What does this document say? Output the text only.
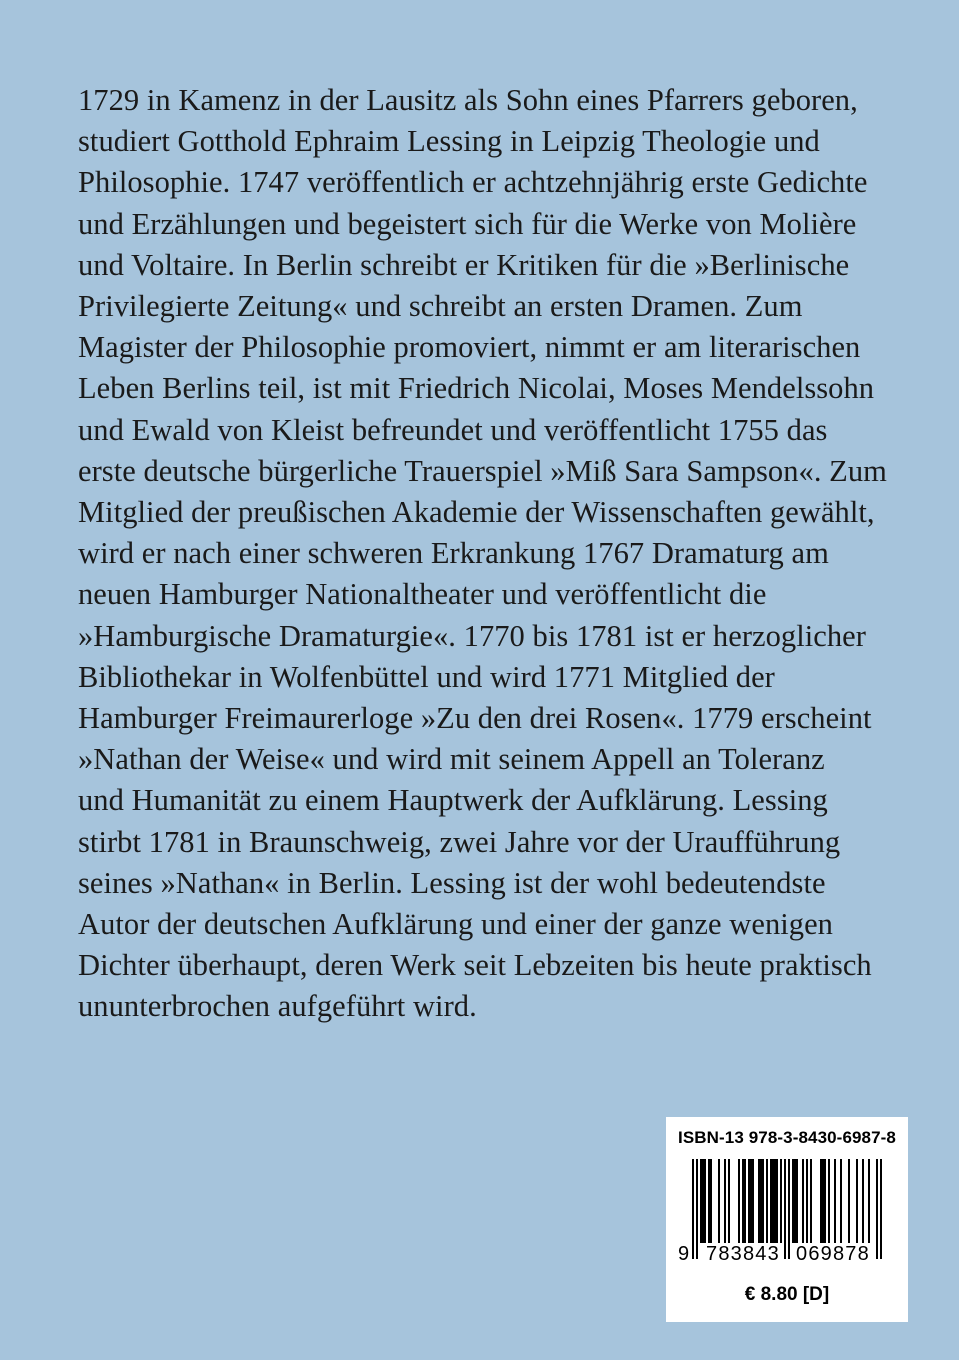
1729 in Kamenz in der Lausitz als Sohn eines Pfarrers geboren,
studiert Gotthold Ephraim Lessing in Leipzig Theologie und
Philosophie. 1747 veröffentlich er achtzehnjährig erste Gedichte
und Erzählungen und begeistert sich für die Werke von Molière
und Voltaire. In Berlin schreibt er Kritiken für die »Berlinische
Privilegierte Zeitung« und schreibt an ersten Dramen. Zum
Magister der Philosophie promoviert, nimmt er am literarischen
Leben Berlins teil, ist mit Friedrich Nicolai, Moses Mendelssohn
und Ewald von Kleist befreundet und veröffentlicht 1755 das
erste deutsche bürgerliche Trauerspiel »Miß Sara Sampson«. Zum
Mitglied der preußischen Akademie der Wissenschaften gewählt,
wird er nach einer schweren Erkrankung 1767 Dramaturg am
neuen Hamburger Nationaltheater und veröffentlicht die
»Hamburgische Dramaturgie«. 1770 bis 1781 ist er herzoglicher
Bibliothekar in Wolfenbüttel und wird 1771 Mitglied der
Hamburger Freimaurerloge »Zu den drei Rosen«. 1779 erscheint
»Nathan der Weise« und wird mit seinem Appell an Toleranz
und Humanität zu einem Hauptwerk der Aufklärung. Lessing
stirbt 1781 in Braunschweig, zwei Jahre vor der Uraufführung
seines »Nathan« in Berlin. Lessing ist der wohl bedeutendste
Autor der deutschen Aufklärung und einer der ganze wenigen
Dichter überhaupt, deren Werk seit Lebzeiten bis heute praktisch
ununterbrochen aufgeführt wird.

ISBN-13 978-3-8430-6987-8
9 783843 069878
€ 8.80 [D]
